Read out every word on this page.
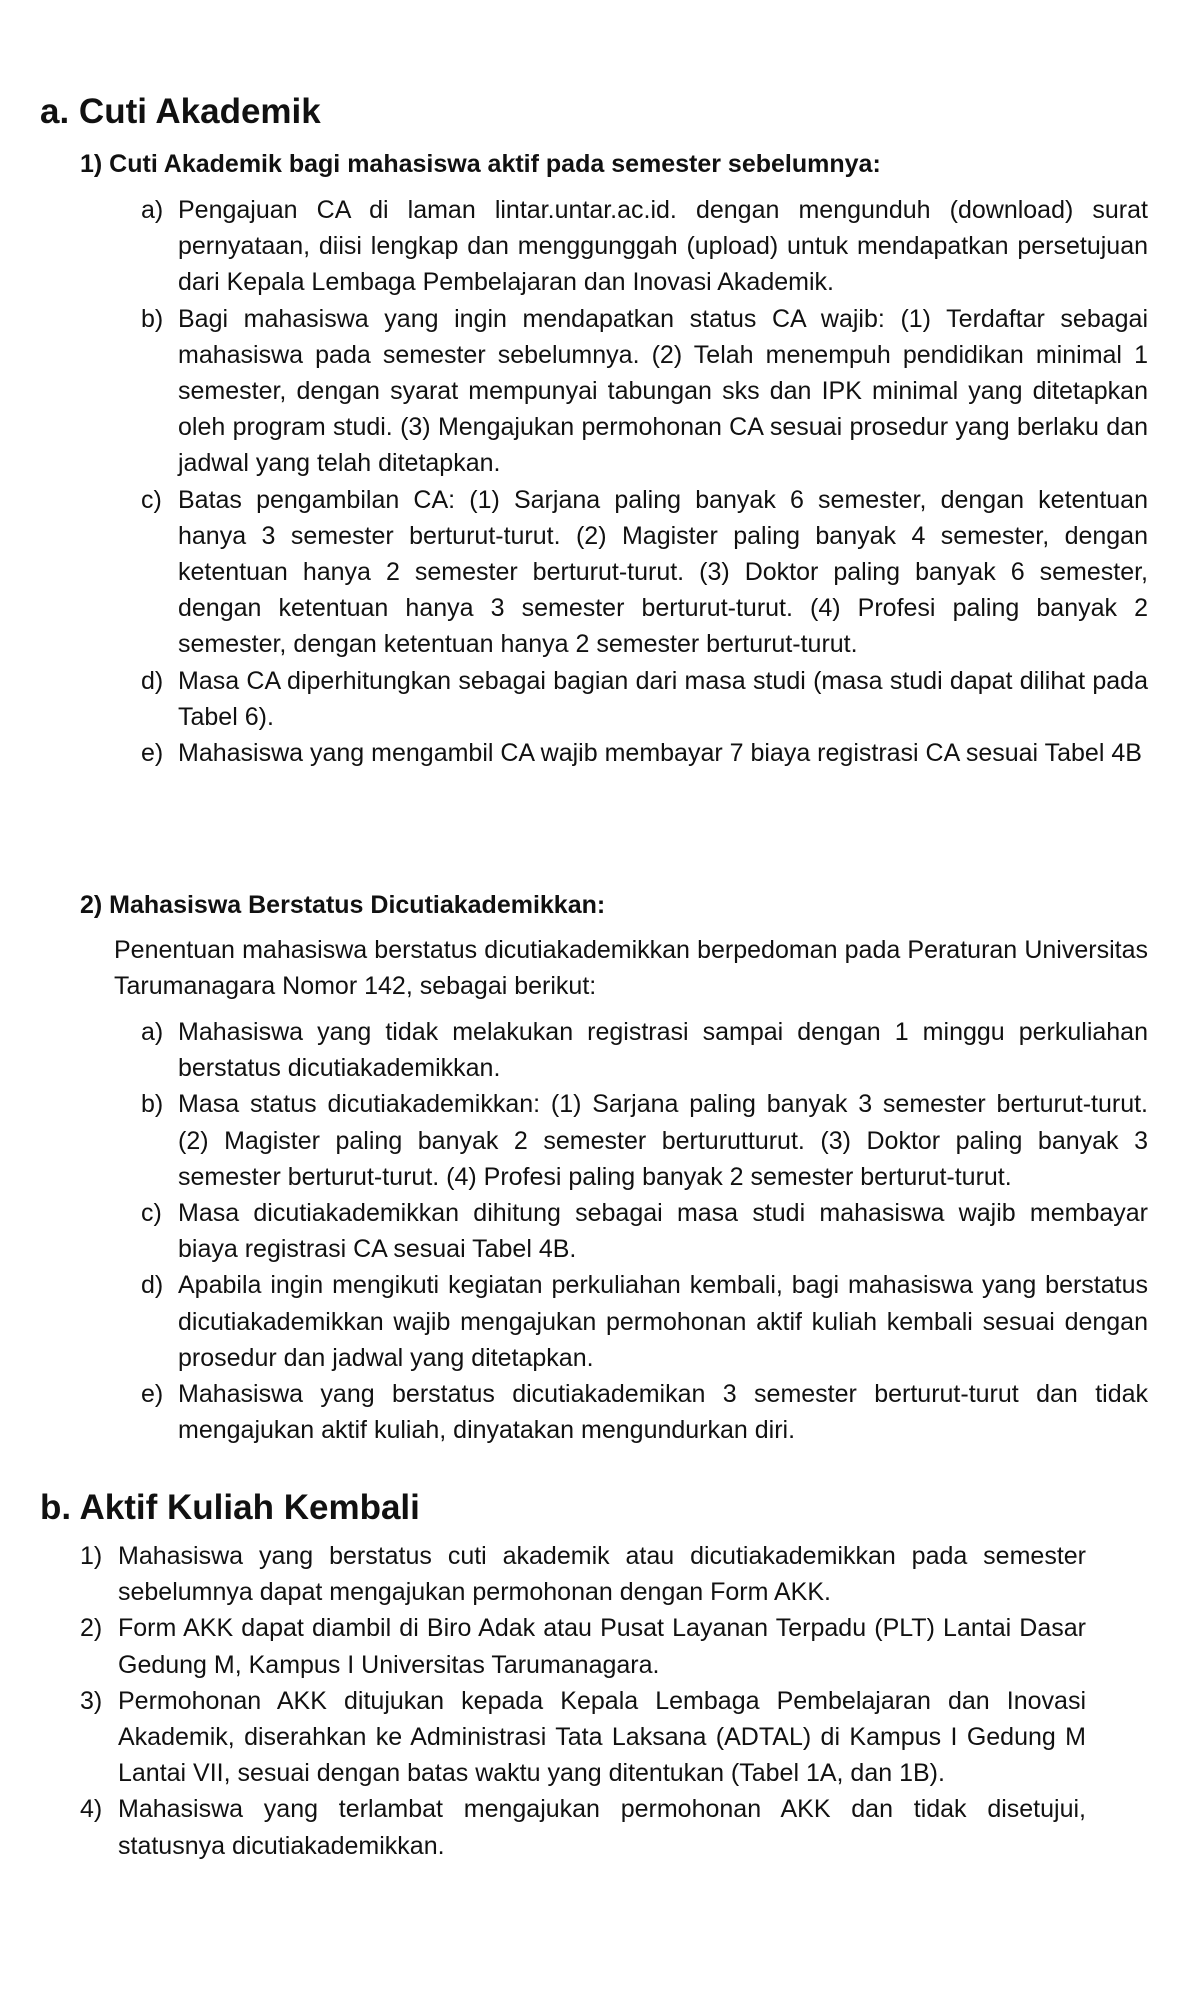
a. Cuti Akademik
1) Cuti Akademik bagi mahasiswa aktif pada semester sebelumnya:
a) Pengajuan CA di laman lintar.untar.ac.id. dengan mengunduh (download) surat pernyataan, diisi lengkap dan menggunggah (upload) untuk mendapatkan persetujuan dari Kepala Lembaga Pembelajaran dan Inovasi Akademik.
b) Bagi mahasiswa yang ingin mendapatkan status CA wajib: (1) Terdaftar sebagai mahasiswa pada semester sebelumnya. (2) Telah menempuh pendidikan minimal 1 semester, dengan syarat mempunyai tabungan sks dan IPK minimal yang ditetapkan oleh program studi. (3) Mengajukan permohonan CA sesuai prosedur yang berlaku dan jadwal yang telah ditetapkan.
c) Batas pengambilan CA: (1) Sarjana paling banyak 6 semester, dengan ketentuan hanya 3 semester berturut-turut. (2) Magister paling banyak 4 semester, dengan ketentuan hanya 2 semester berturut-turut. (3) Doktor paling banyak 6 semester, dengan ketentuan hanya 3 semester berturut-turut. (4) Profesi paling banyak 2 semester, dengan ketentuan hanya 2 semester berturut-turut.
d) Masa CA diperhitungkan sebagai bagian dari masa studi (masa studi dapat dilihat pada Tabel 6).
e) Mahasiswa yang mengambil CA wajib membayar 7 biaya registrasi CA sesuai Tabel 4B
2) Mahasiswa Berstatus Dicutiakademikkan:

Penentuan mahasiswa berstatus dicutiakademikkan berpedoman pada Peraturan Universitas Tarumanagara Nomor 142, sebagai berikut:

a) Mahasiswa yang tidak melakukan registrasi sampai dengan 1 minggu perkuliahan berstatus dicutiakademikkan.
b) Masa status dicutiakademikkan: (1) Sarjana paling banyak 3 semester berturut-turut. (2) Magister paling banyak 2 semester berturutturut. (3) Doktor paling banyak 3 semester berturut-turut. (4) Profesi paling banyak 2 semester berturut-turut.
c) Masa dicutiakademikkan dihitung sebagai masa studi mahasiswa wajib membayar biaya registrasi CA sesuai Tabel 4B.
d) Apabila ingin mengikuti kegiatan perkuliahan kembali, bagi mahasiswa yang berstatus dicutiakademikkan wajib mengajukan permohonan aktif kuliah kembali sesuai dengan prosedur dan jadwal yang ditetapkan.
e) Mahasiswa yang berstatus dicutiakademikan 3 semester berturut-turut dan tidak mengajukan aktif kuliah, dinyatakan mengundurkan diri.
b. Aktif Kuliah Kembali
1) Mahasiswa yang berstatus cuti akademik atau dicutiakademikkan pada semester sebelumnya dapat mengajukan permohonan dengan Form AKK.
2) Form AKK dapat diambil di Biro Adak atau Pusat Layanan Terpadu (PLT) Lantai Dasar Gedung M, Kampus I Universitas Tarumanagara.
3) Permohonan AKK ditujukan kepada Kepala Lembaga Pembelajaran dan Inovasi Akademik, diserahkan ke Administrasi Tata Laksana (ADTAL) di Kampus I Gedung M Lantai VII, sesuai dengan batas waktu yang ditentukan (Tabel 1A, dan 1B).
4) Mahasiswa yang terlambat mengajukan permohonan AKK dan tidak disetujui, statusnya dicutiakademikkan.
